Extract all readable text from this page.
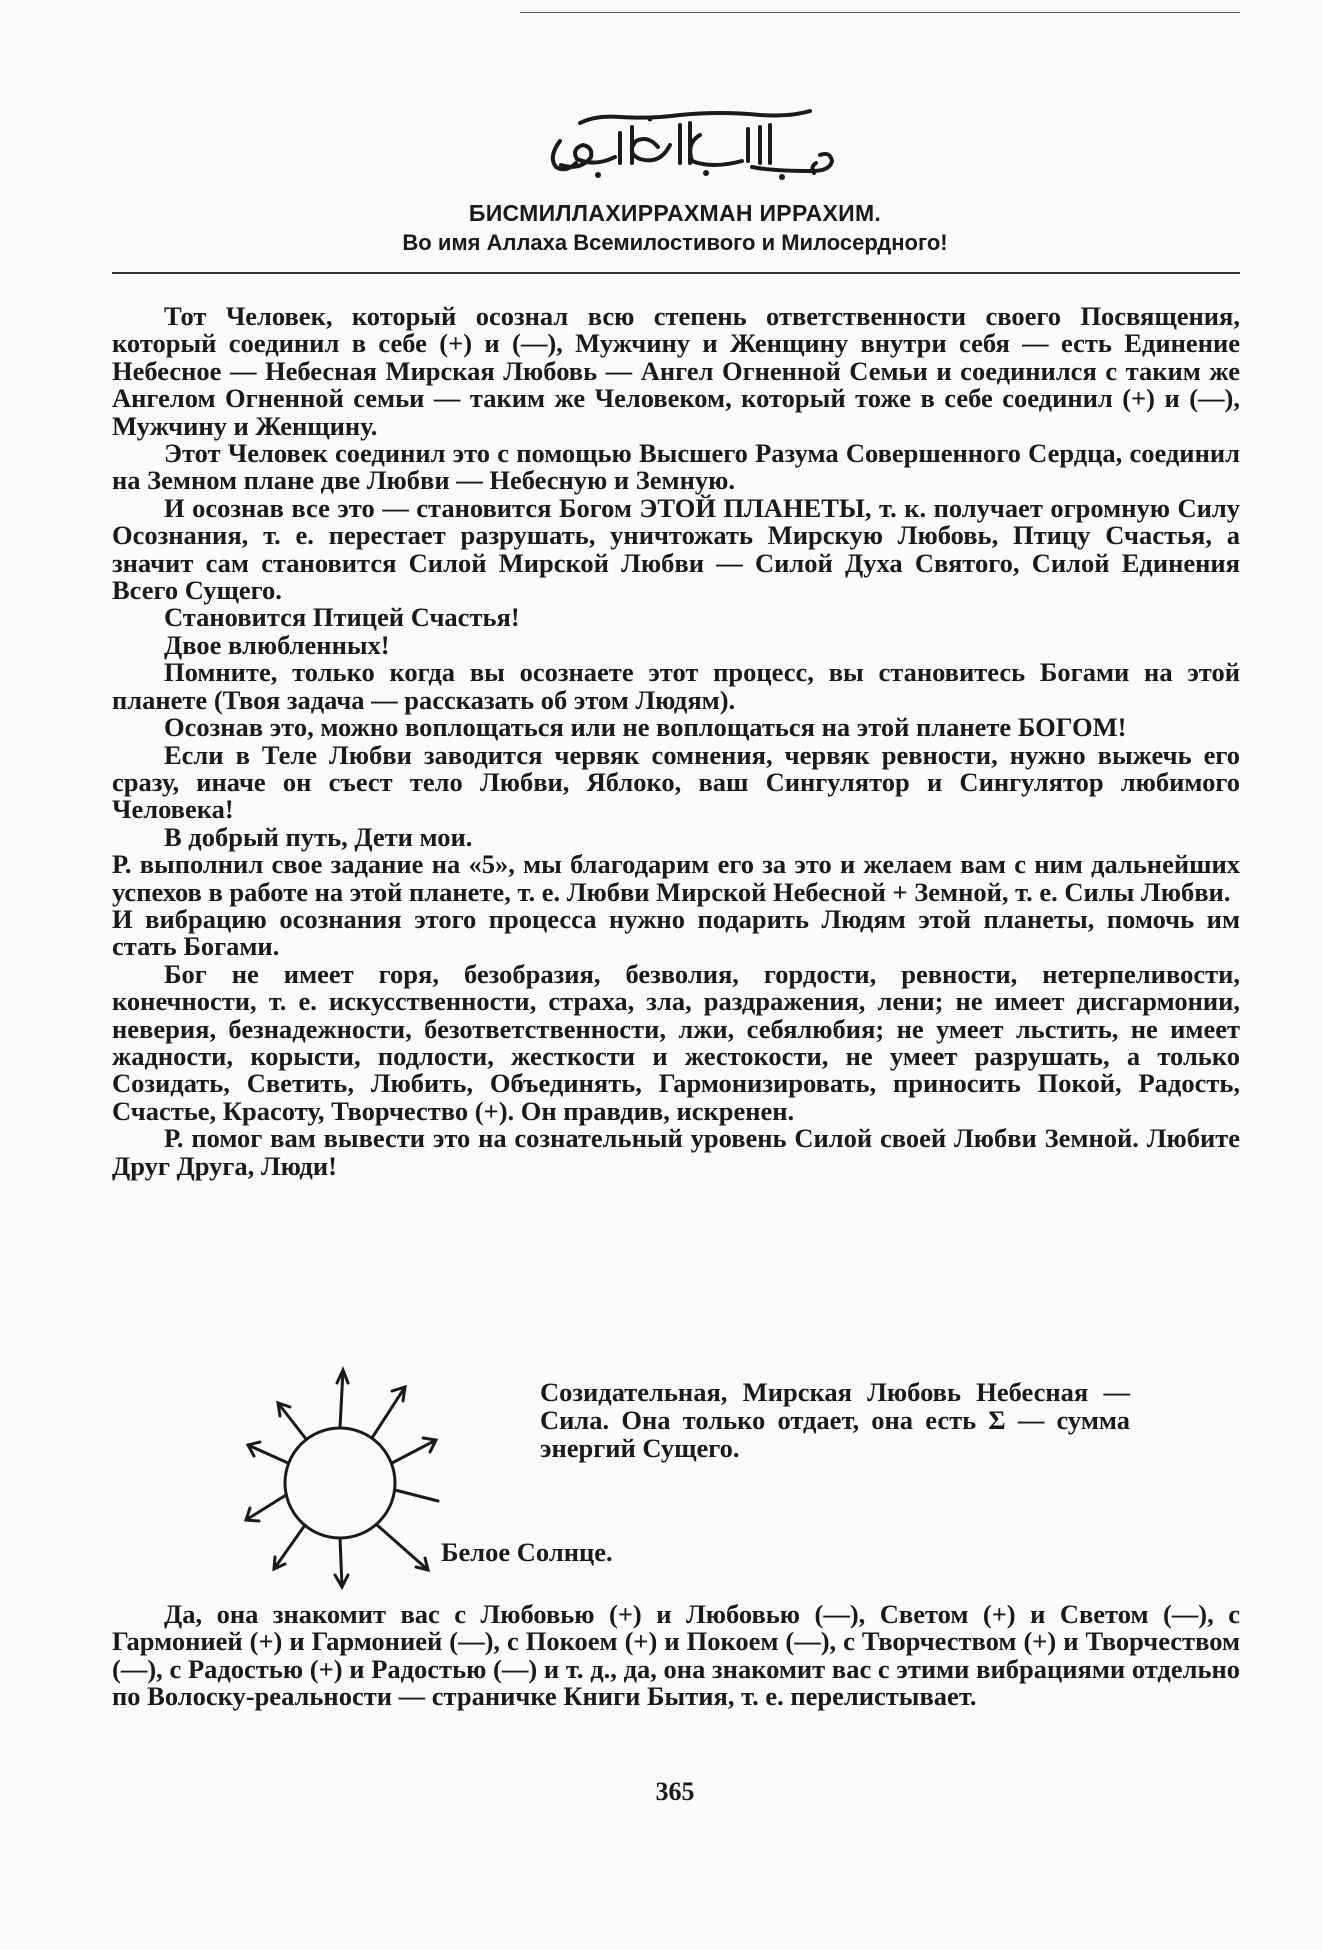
БИСМИЛЛАХИРРАХМАН ИРРАХИМ.
Во имя Аллаха Всемилостивого и Милосердного!

Тот Человек, который осознал всю степень ответственности своего Посвящения, который соединил в себе (+) и (—), Мужчину и Женщину внутри себя — есть Единение Небесное — Небесная Мирская Любовь — Ангел Огненной Семьи и соединился с таким же Ангелом Огненной семьи — таким же Человеком, который тоже в себе соединил (+) и (—), Мужчину и Женщину.

Этот Человек соединил это с помощью Высшего Разума Совершенного Сердца, соединил на Земном плане две Любви — Небесную и Земную.

И осознав все это — становится Богом ЭТОЙ ПЛАНЕТЫ, т. к. получает огромную Силу Осознания, т. е. перестает разрушать, уничтожать Мирскую Любовь, Птицу Счастья, а значит сам становится Силой Мирской Любви — Силой Духа Святого, Силой Единения Всего Сущего.

Становится Птицей Счастья!

Двое влюбленных!

Помните, только когда вы осознаете этот процесс, вы становитесь Богами на этой планете (Твоя задача — рассказать об этом Людям).

Осознав это, можно воплощаться или не воплощаться на этой планете БОГОМ!

Если в Теле Любви заводится червяк сомнения, червяк ревности, нужно выжечь его сразу, иначе он съест тело Любви, Яблоко, ваш Сингулятор и Сингулятор любимого Человека!

В добрый путь, Дети мои.

Р. выполнил свое задание на «5», мы благодарим его за это и желаем вам с ним дальнейших успехов в работе на этой планете, т. е. Любви Мирской Небесной + Земной, т. е. Силы Любви.

И вибрацию осознания этого процесса нужно подарить Людям этой планеты, помочь им стать Богами.

Бог не имеет горя, безобразия, безволия, гордости, ревности, нетерпеливости, конечности, т. е. искусственности, страха, зла, раздражения, лени; не имеет дисгармонии, неверия, безнадежности, безответственности, лжи, себялюбия; не умеет льстить, не имеет жадности, корысти, подлости, жесткости и жестокости, не умеет разрушать, а только Созидать, Светить, Любить, Объединять, Гармонизировать, приносить Покой, Радость, Счастье, Красоту, Творчество (+). Он правдив, искренен.

Р. помог вам вывести это на сознательный уровень Силой своей Любви Земной. Любите Друг Друга, Люди!

Созидательная, Мирская Любовь Небесная — Сила. Она только отдает, она есть Σ — сумма энергий Сущего.
Белое Солнце.
Да, она знакомит вас с Любовью (+) и Любовью (—), Светом (+) и Светом (—), с Гармонией (+) и Гармонией (—), с Покоем (+) и Покоем (—), с Творчеством (+) и Творчеством (—), с Радостью (+) и Радостью (—) и т. д., да, она знакомит вас с этими вибрациями отдельно по Волоску-реальности — страничке Книги Бытия, т. е. перелистывает.
365
